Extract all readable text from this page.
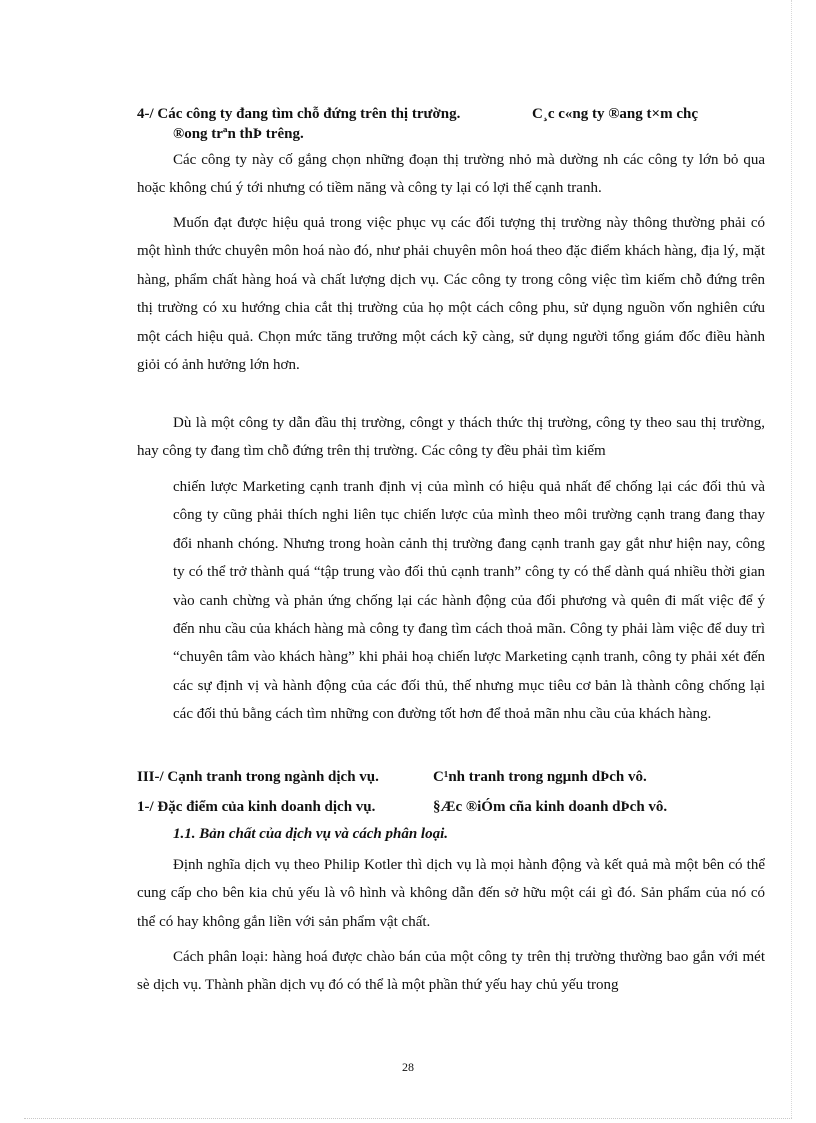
4-/ Các công ty đang tìm chỗ đứng trên thị trường.	C¸c c«ng ty ®ang t×m chç
®ong trªn thÞ trêng.

Các công ty này cố gắng chọn những đoạn thị trường nhỏ mà dường nh các công ty lớn bỏ qua hoặc không chú ý tới nhưng có tiềm năng và công ty lại có lợi thế cạnh tranh.

Muốn đạt được hiệu quả trong việc phục vụ các đối tượng thị trường này thông thường phải có một hình thức chuyên môn hoá nào đó, như phải chuyên môn hoá theo đặc điểm khách hàng, địa lý, mặt hàng, phẩm chất hàng hoá và chất lượng dịch vụ. Các công ty trong công việc tìm kiếm chỗ đứng trên thị trường có xu hướng chia cắt thị trường của họ một cách công phu, sử dụng nguồn vốn nghiên cứu một cách hiệu quả. Chọn mức tăng trưởng một cách kỹ càng, sử dụng người tổng giám đốc điều hành giỏi có ảnh hưởng lớn hơn.

Dù là một công ty dẫn đầu thị trường, côngt y thách thức thị trường, công ty theo sau thị trường, hay công ty đang tìm chỗ đứng trên thị trường. Các công ty đều phải tìm kiếm

chiến lược Marketing cạnh tranh định vị của mình có hiệu quả nhất để chống lại các đối thủ và công ty cũng phải thích nghi liên tục chiến lược của mình theo môi trường cạnh trang đang thay đổi nhanh chóng. Nhưng trong hoàn cảnh thị trường đang cạnh tranh gay gắt như hiện nay, công ty có thể trở thành quá “tập trung vào đối thủ cạnh tranh” công ty có thể dành quá nhiều thời gian vào canh chừng và phản ứng chống lại các hành động của đối phương và quên đi mất việc để ý đến nhu cầu của khách hàng mà công ty đang tìm cách thoả mãn. Công ty phải làm việc để duy trì “chuyên tâm vào khách hàng” khi phải hoạ chiến lược Marketing cạnh tranh, công ty phải xét đến các sự định vị và hành động của các đối thủ, thế nhưng mục tiêu cơ bản là thành công chống lại các đối thủ bằng cách tìm những con đường tốt hơn để thoả mãn nhu cầu của khách hàng.

III-/ Cạnh tranh trong ngành dịch vụ.	C¹nh tranh trong ngµnh dÞch vô.

1-/ Đặc điểm của kinh doanh dịch vụ.	§Æc ®iÓm cña kinh doanh dÞch vô.

1.1. Bản chất của dịch vụ và cách phân loại.

Định nghĩa dịch vụ theo Philip Kotler thì dịch vụ là mọi hành động và kết quả mà một bên có thể cung cấp cho bên kia chủ yếu là vô hình và không dẫn đến sở hữu một cái gì đó. Sản phẩm của nó có thể có hay không gắn liền với sản phẩm vật chất.

Cách phân loại: hàng hoá được chào bán của một công ty trên thị trường thường bao gắn với mét sè dịch vụ. Thành phần dịch vụ đó có thể là một phần thứ yếu hay chủ yếu trong

28
